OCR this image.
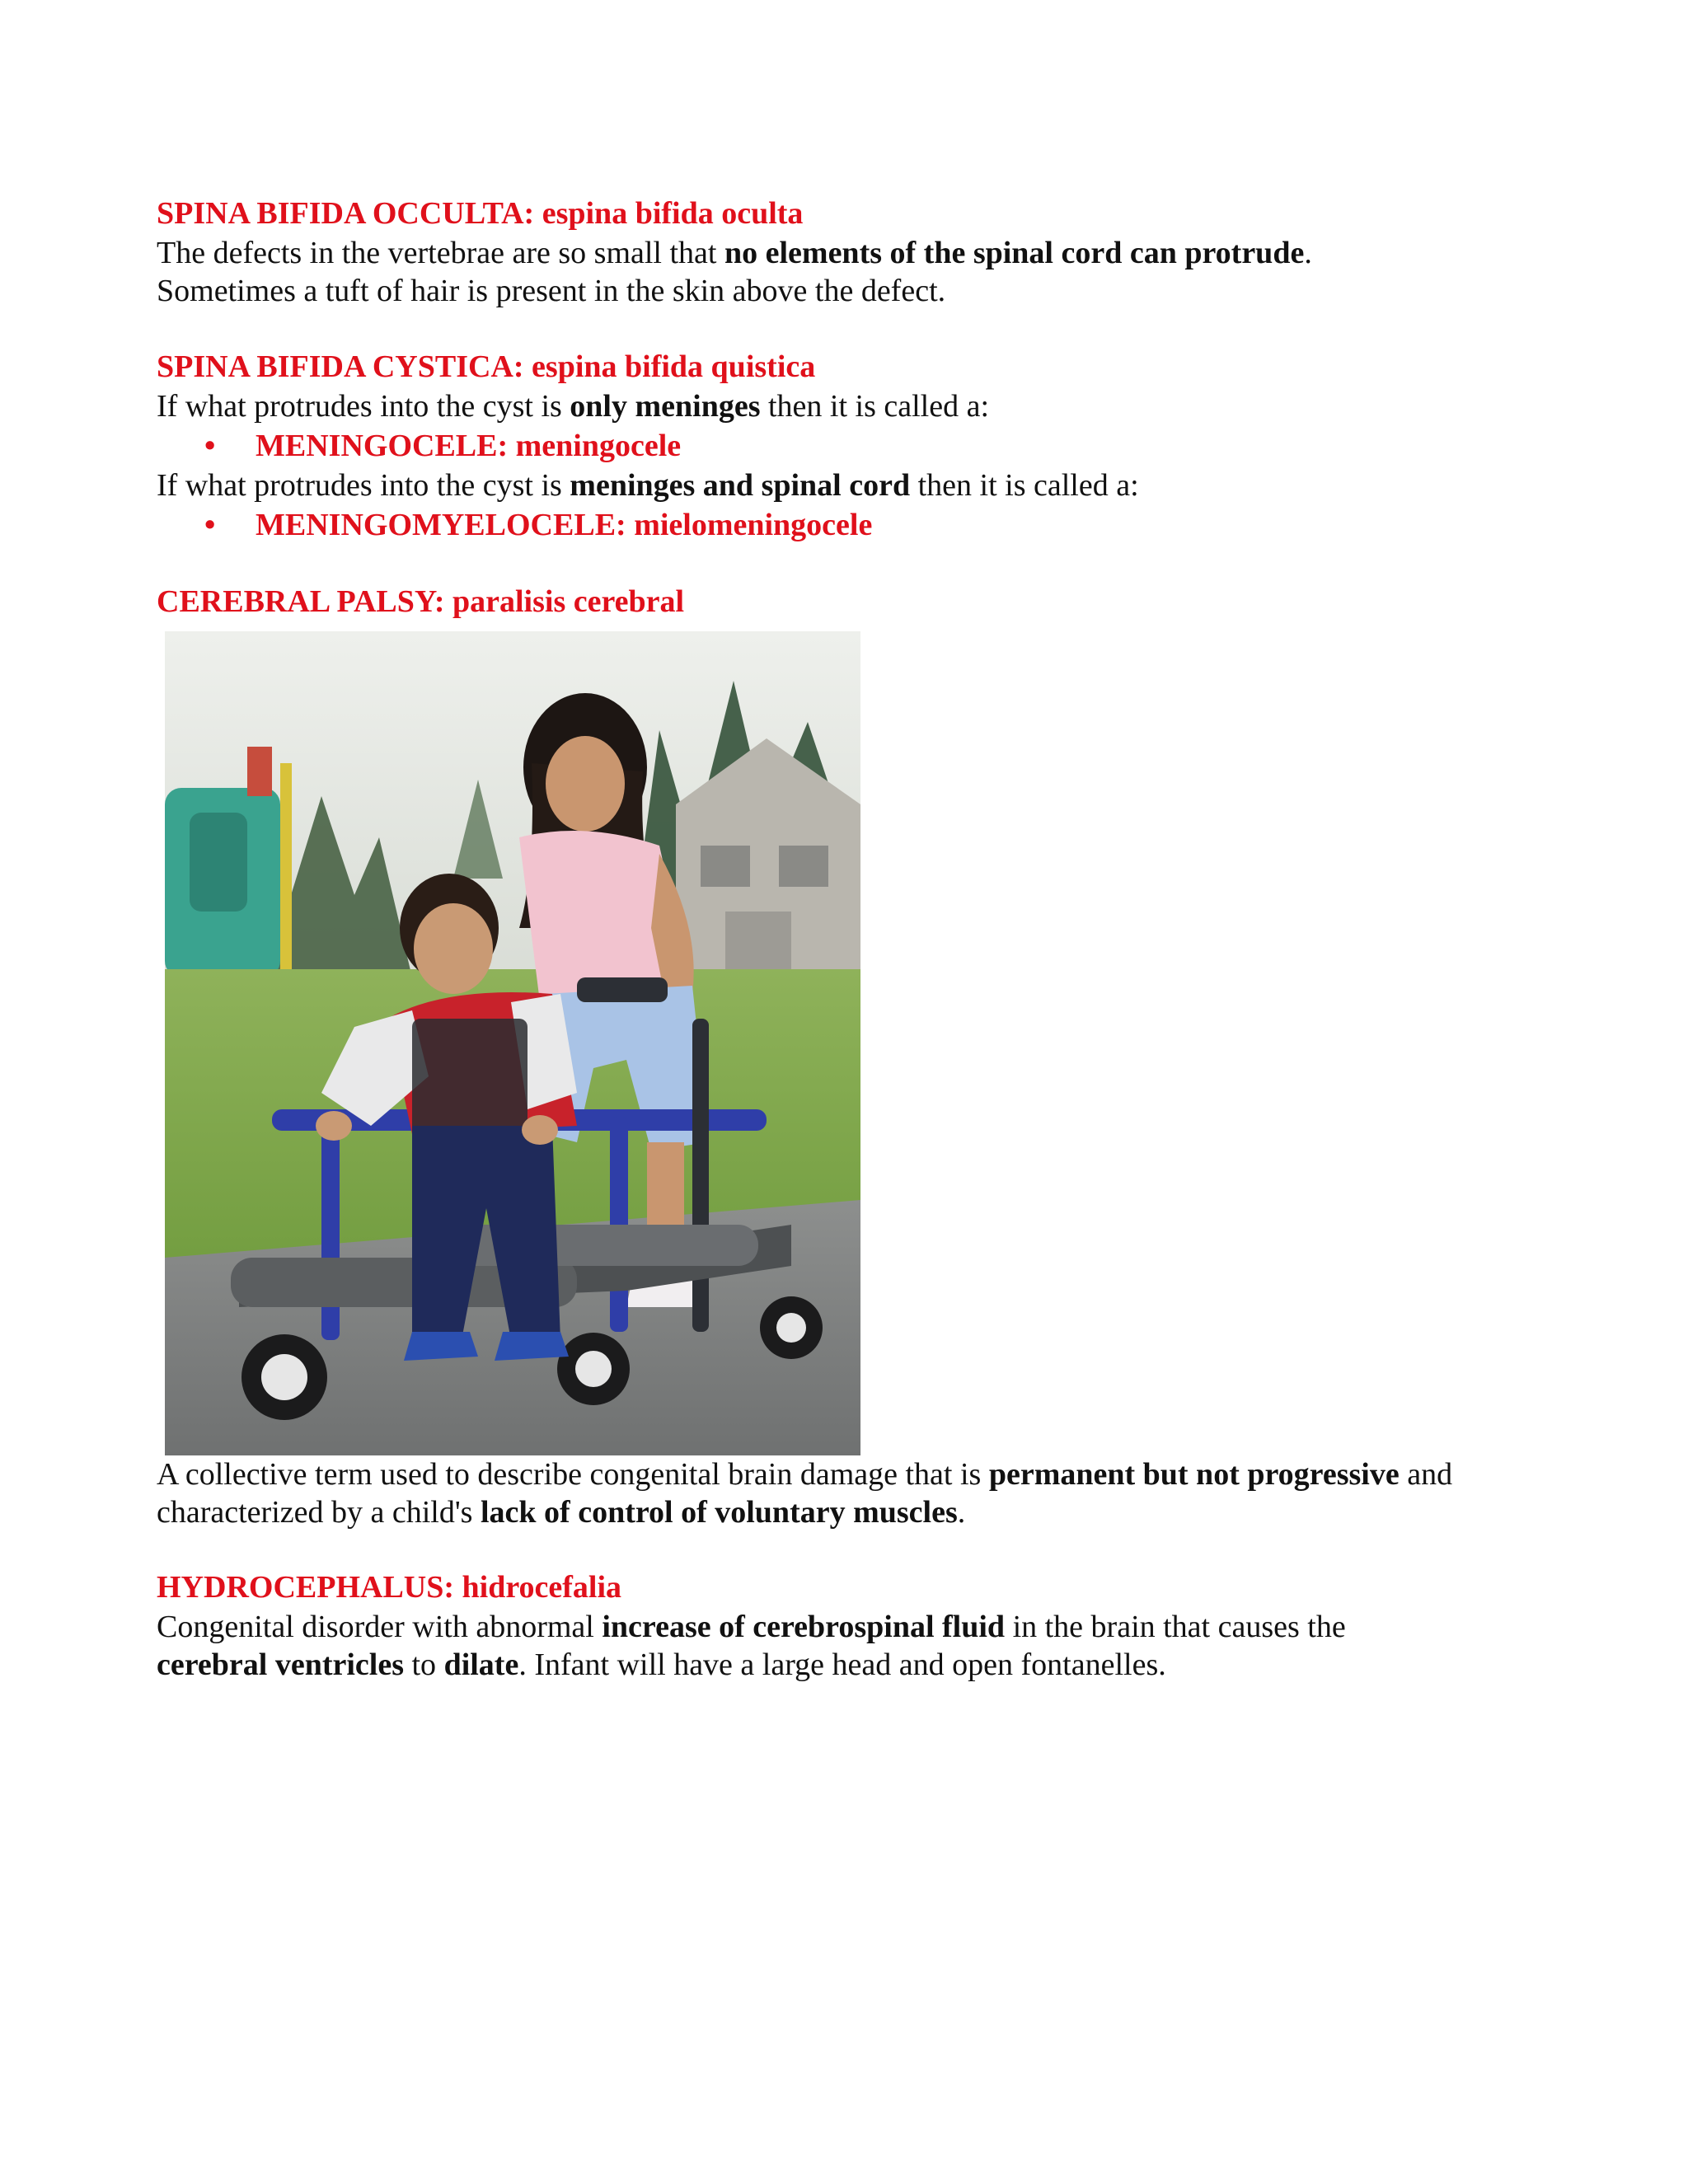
SPINA BIFIDA OCCULTA: espina bifida oculta
The defects in the vertebrae are so small that no elements of the spinal cord can protrude.
Sometimes a tuft of hair is present in the skin above the defect.
SPINA BIFIDA CYSTICA: espina bifida quistica
If what protrudes into the cyst is only meninges then it is called a:
• MENINGOCELE: meningocele
If what protrudes into the cyst is meninges and spinal cord then it is called a:
• MENINGOMYELOCELE: mielomeningocele
CEREBRAL PALSY: paralisis cerebral
A collective term used to describe congenital brain damage that is permanent but not progressive and
characterized by a child's lack of control of voluntary muscles.
HYDROCEPHALUS: hidrocefalia
Congenital disorder with abnormal increase of cerebrospinal fluid in the brain that causes the
cerebral ventricles to dilate. Infant will have a large head and open fontanelles.
